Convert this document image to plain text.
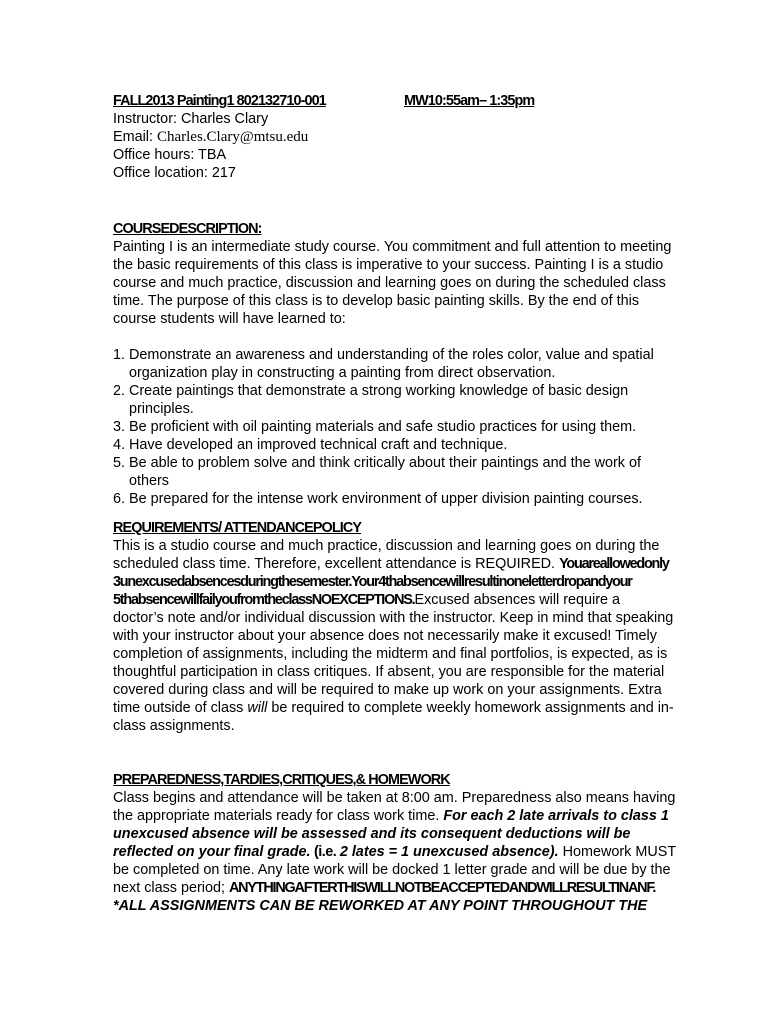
FALL2013 Painting1 802132710-001	MW10:55am– 1:35pm
Instructor: Charles Clary
Email: Charles.Clary@mtsu.edu
Office hours: TBA
Office location: 217
COURSEDESCRIPTION:
Painting I is an intermediate study course. You commitment and full attention to meeting
the basic requirements of this class is imperative to your success. Painting I is a studio
course and much practice, discussion and learning goes on during the scheduled class
time. The purpose of this class is to develop basic painting skills. By the end of this
course students will have learned to:
1. Demonstrate an awareness and understanding of the roles color, value and spatial
organization play in constructing a painting from direct observation.
2. Create paintings that demonstrate a strong working knowledge of basic design
principles.
3. Be proficient with oil painting materials and safe studio practices for using them.
4. Have developed an improved technical craft and technique.
5. Be able to problem solve and think critically about their paintings and the work of
others
6. Be prepared for the intense work environment of upper division painting courses.
REQUIREMENTS/ ATTENDANCEPOLICY
This is a studio course and much practice, discussion and learning goes on during the
scheduled class time. Therefore, excellent attendance is REQUIRED. Youareallowedonly
3unexcusedabsencesduringthesemester.Your4thabsencewillresultinoneletterdropandyour
5thabsencewillfailyoufromtheclassNOEXCEPTIONS.Excused absences will require a
doctor’s note and/or individual discussion with the instructor. Keep in mind that speaking
with your instructor about your absence does not necessarily make it excused! Timely
completion of assignments, including the midterm and final portfolios, is expected, as is
thoughtful participation in class critiques. If absent, you are responsible for the material
covered during class and will be required to make up work on your assignments. Extra
time outside of class will be required to complete weekly homework assignments and in-
class assignments.
PREPAREDNESS,TARDIES,CRITIQUES,& HOMEWORK
Class begins and attendance will be taken at 8:00 am. Preparedness also means having
the appropriate materials ready for class work time. For each 2 late arrivals to class 1
unexcused absence will be assessed and its consequent deductions will be
reflected on your final grade. (i.e. 2 lates = 1 unexcused absence). Homework MUST
be completed on time. Any late work will be docked 1 letter grade and will be due by the
next class period; ANYTHINGAFTERTHISWILLNOTBEACCEPTEDANDWILLRESULTINANF.
*ALL ASSIGNMENTS CAN BE REWORKED AT ANY POINT THROUGHOUT THE
